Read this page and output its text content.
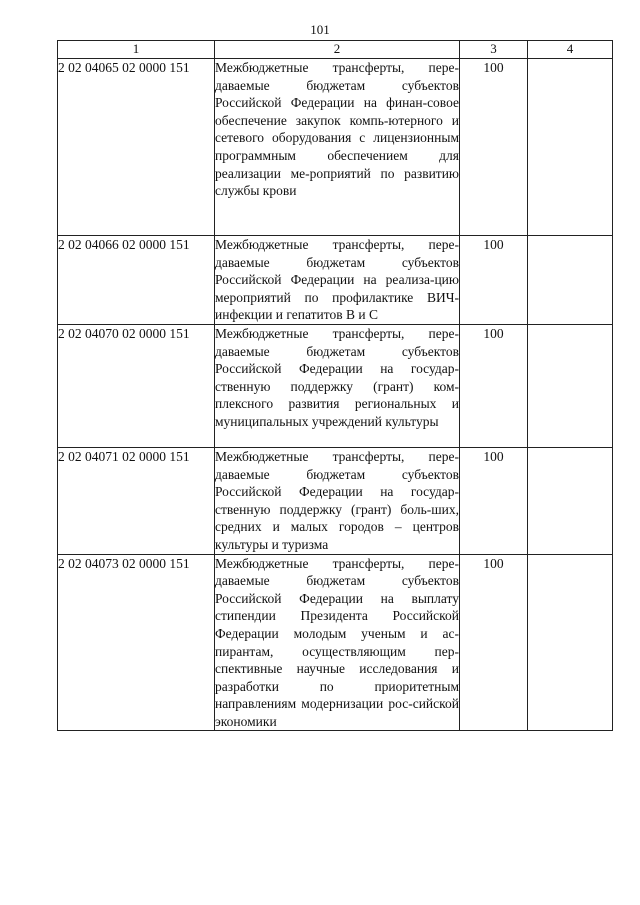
101
1	2	3	4
2 02 04065 02 0000 151	Межбюджетные трансферты, пере-даваемые бюджетам субъектов Российской Федерации на финан-совое обеспечение закупок компь-ютерного и сетевого оборудования с лицензионным программным обеспечением для реализации ме-роприятий по развитию службы крови	100	
2 02 04066 02 0000 151	Межбюджетные трансферты, пере-даваемые бюджетам субъектов Российской Федерации на реализа-цию мероприятий по профилактике ВИЧ-инфекции и гепатитов В и С	100	
2 02 04070 02 0000 151	Межбюджетные трансферты, пере-даваемые бюджетам субъектов Российской Федерации на государ-ственную поддержку (грант) ком-плексного развития региональных и муниципальных учреждений культуры	100	
2 02 04071 02 0000 151	Межбюджетные трансферты, пере-даваемые бюджетам субъектов Российской Федерации на государ-ственную поддержку (грант) боль-ших, средних и малых городов – центров культуры и туризма	100	
2 02 04073 02 0000 151	Межбюджетные трансферты, пере-даваемые бюджетам субъектов Российской Федерации на выплату стипендии Президента Российской Федерации молодым ученым и ас-пирантам, осуществляющим пер-спективные научные исследования и разработки по приоритетным направлениям модернизации рос-сийской экономики	100	
